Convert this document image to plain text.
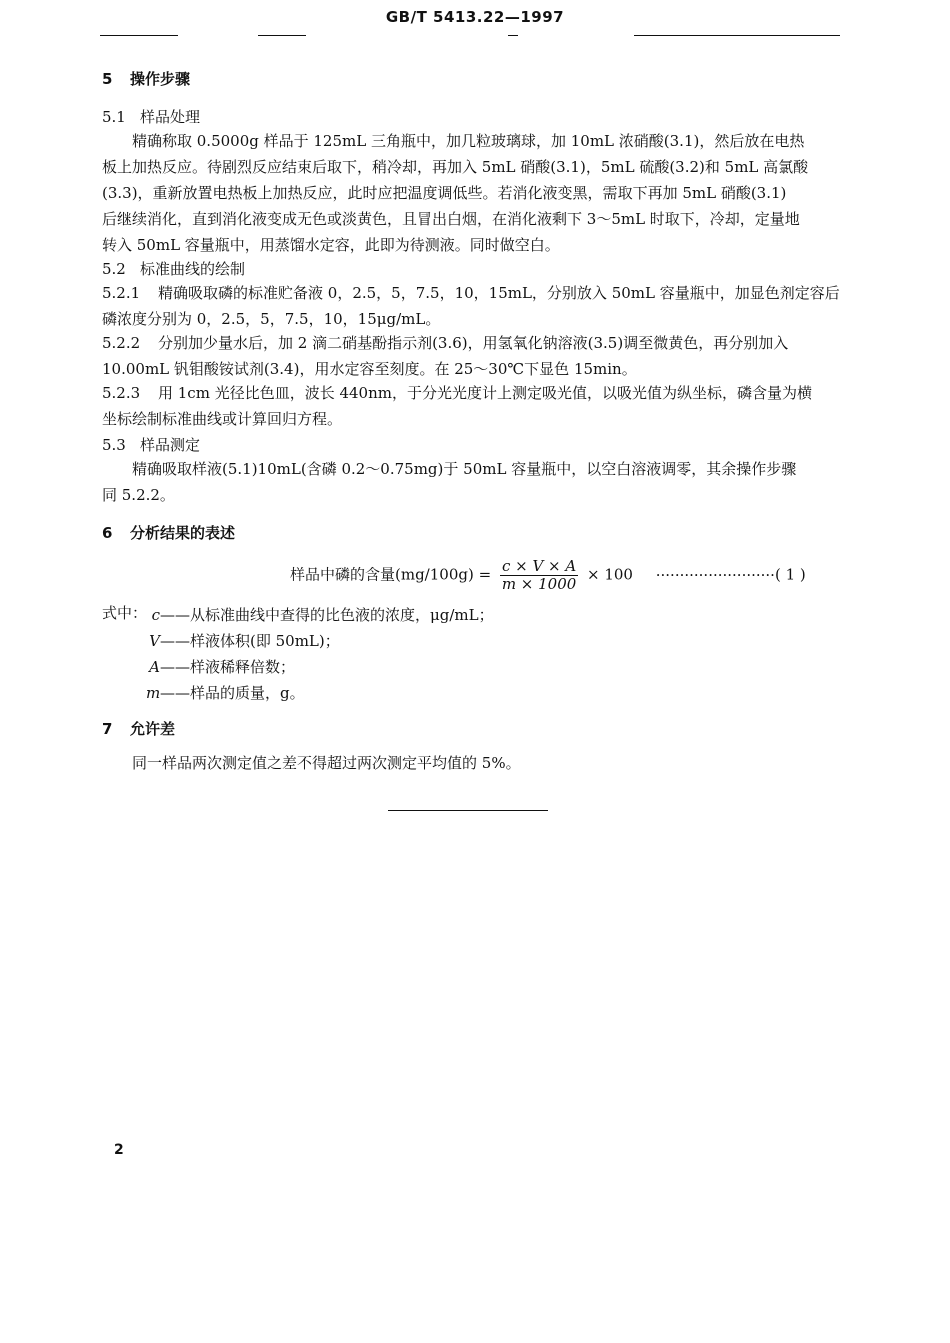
GB/T 5413.22—1997
5 操作步骤
5.1 样品处理

精确称取 0.5000g 样品于 125mL 三角瓶中，加几粒玻璃球，加 10mL 浓硝酸(3.1)，然后放在电热

板上加热反应。待剧烈反应结束后取下，稍冷却，再加入 5mL 硝酸(3.1)，5mL 硫酸(3.2)和 5mL 高氯酸

(3.3)，重新放置电热板上加热反应，此时应把温度调低些。若消化液变黑，需取下再加 5mL 硝酸(3.1)

后继续消化，直到消化液变成无色或淡黄色，且冒出白烟，在消化液剩下 3～5mL 时取下，冷却，定量地

转入 50mL 容量瓶中，用蒸馏水定容，此即为待测液。同时做空白。

5.2 标准曲线的绘制

5.2.1 精确吸取磷的标准贮备液 0，2.5，5，7.5，10，15mL，分别放入 50mL 容量瓶中，加显色剂定容后

磷浓度分别为 0，2.5，5，7.5，10，15μg/mL。

5.2.2 分别加少量水后，加 2 滴二硝基酚指示剂(3.6)，用氢氧化钠溶液(3.5)调至微黄色，再分别加入

10.00mL 钒钼酸铵试剂(3.4)，用水定容至刻度。在 25～30℃下显色 15min。

5.2.3 用 1cm 光径比色皿，波长 440nm，于分光光度计上测定吸光值，以吸光值为纵坐标，磷含量为横

坐标绘制标准曲线或计算回归方程。

5.3 样品测定

精确吸取样液(5.1)10mL(含磷 0.2～0.75mg)于 50mL 容量瓶中，以空白溶液调零，其余操作步骤

同 5.2.2。

6 分析结果的表述
样品中磷的含量$(mg/100g) = \frac{c \times V \times A}{m \times 1000} \times 100$ ·························( 1 )
式中： c——从标准曲线中查得的比色液的浓度，μg/mL；
V——样液体积(即 50mL)；
A——样液稀释倍数；
m——样品的质量，g。
7 允许差
同一样品两次测定值之差不得超过两次测定平均值的 5%。
2
